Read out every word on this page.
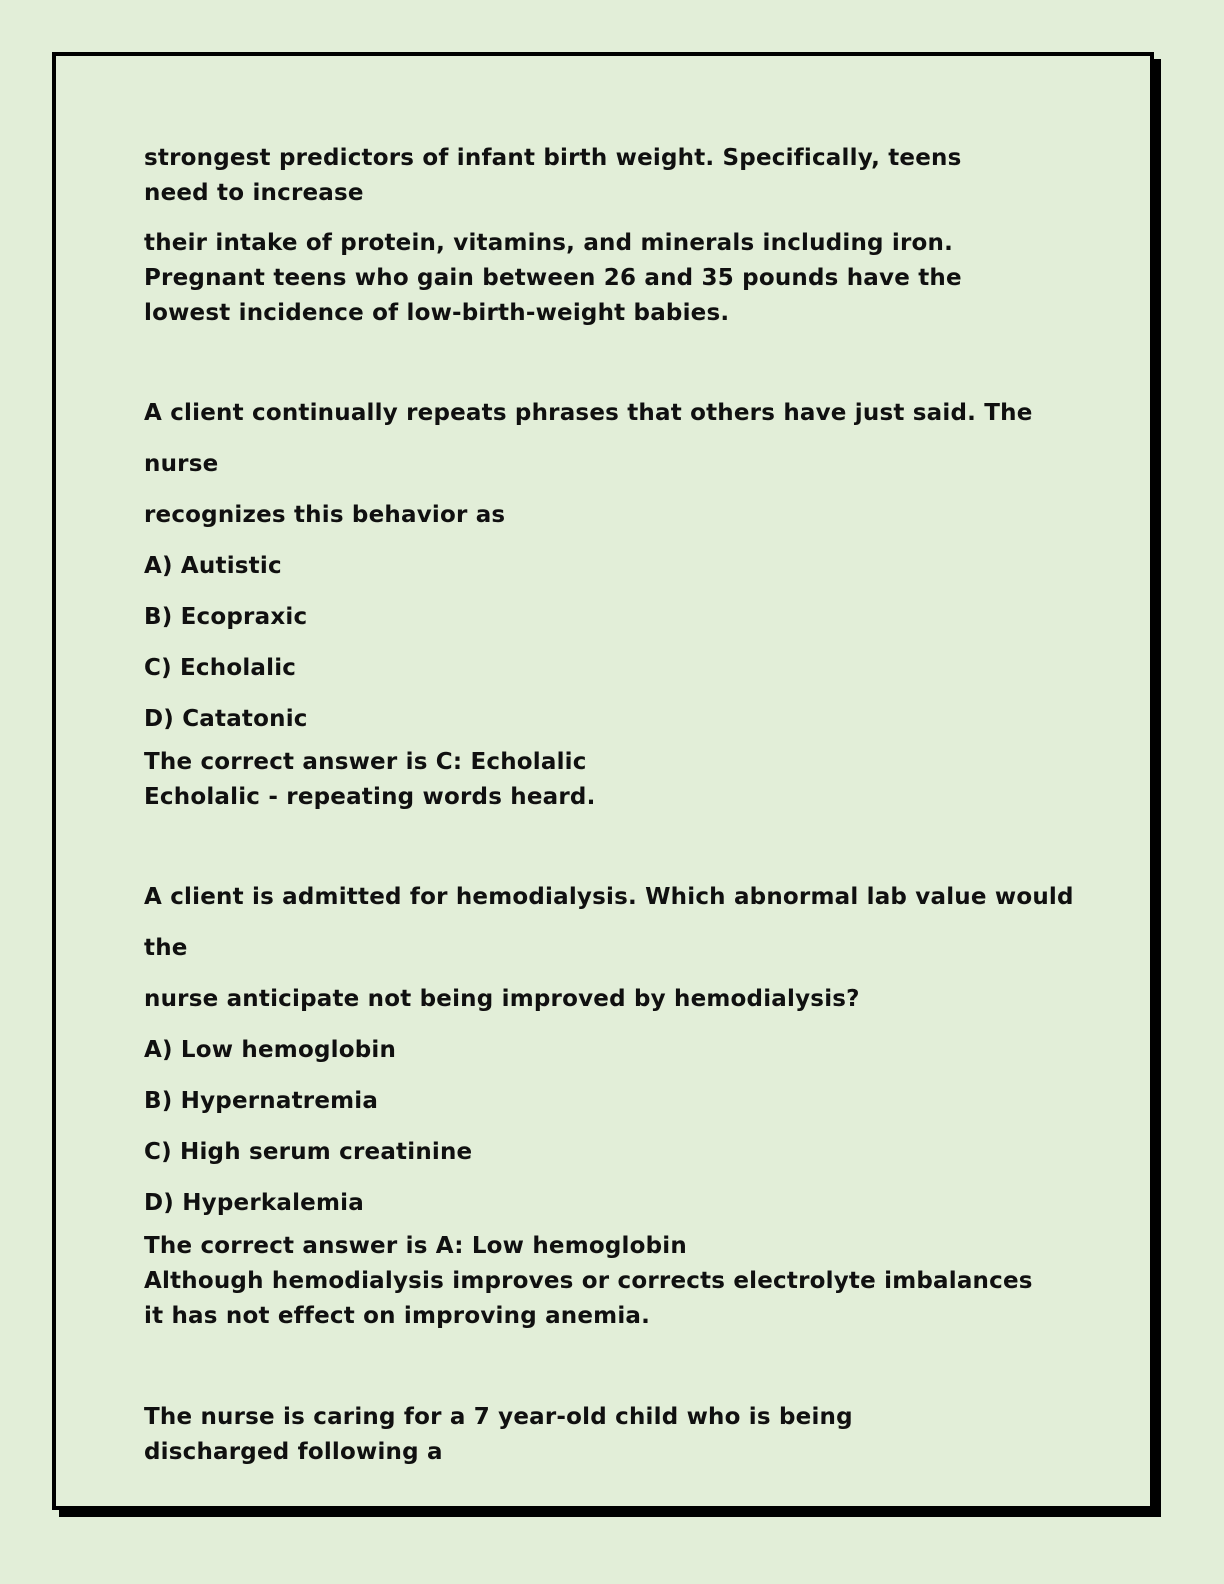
strongest predictors of infant birth weight. Specifically, teens need to increase

their intake of protein, vitamins, and minerals including iron. Pregnant teens who gain between 26 and 35 pounds have the lowest incidence of low-birth-weight babies.

A client continually repeats phrases that others have just said. The nurse

recognizes this behavior as

A) Autistic

B) Ecopraxic

C) Echolalic

D) Catatonic

The correct answer is C: Echolalic

Echolalic - repeating words heard.

A client is admitted for hemodialysis. Which abnormal lab value would the

nurse anticipate not being improved by hemodialysis?

A) Low hemoglobin

B) Hypernatremia

C) High serum creatinine

D) Hyperkalemia

The correct answer is A: Low hemoglobin

Although hemodialysis improves or corrects electrolyte imbalances it has not effect on improving anemia.

The nurse is caring for a 7 year-old child who is being discharged following a
